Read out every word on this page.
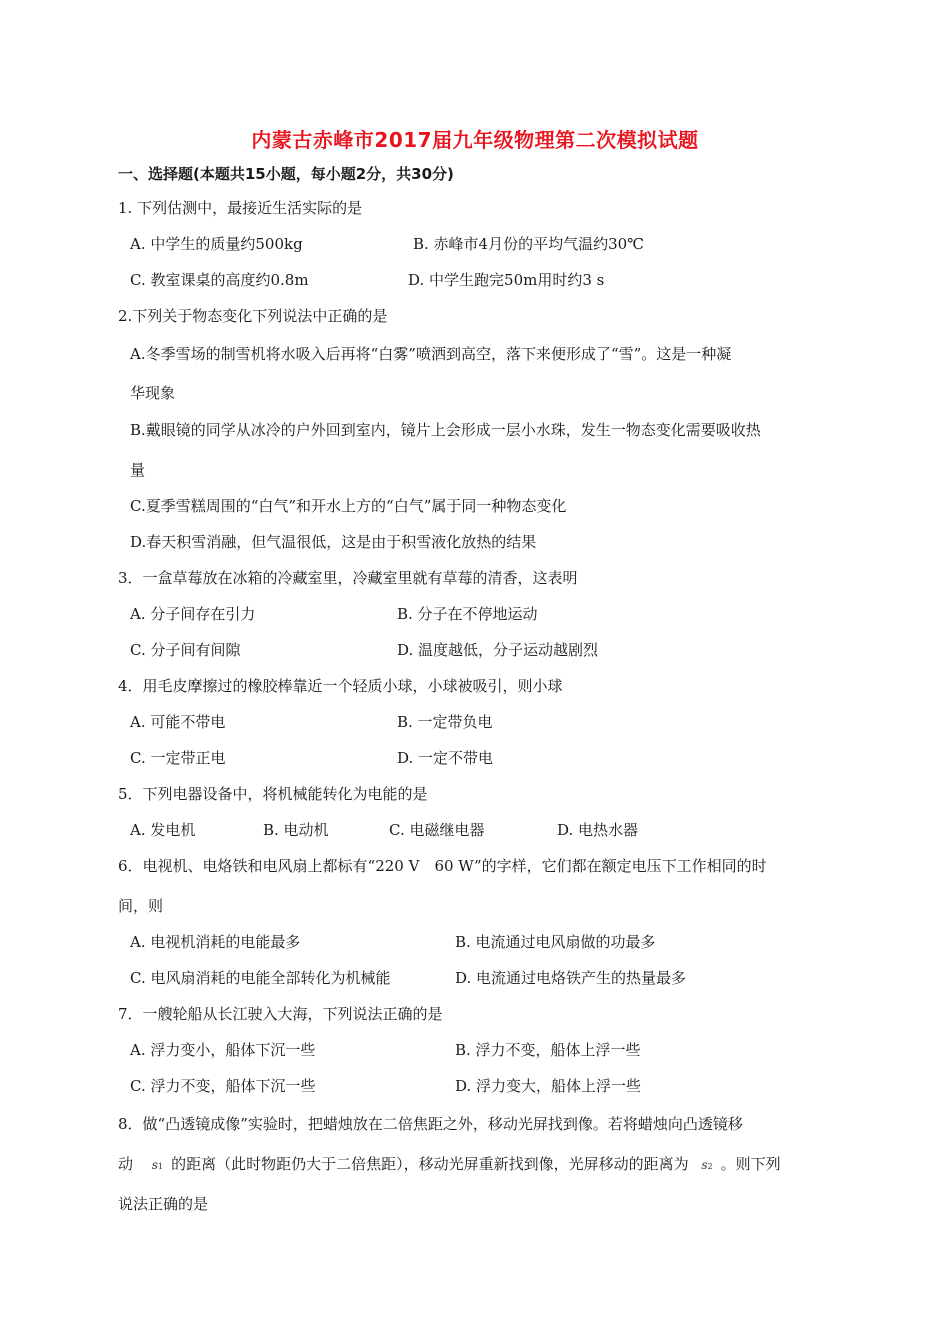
内蒙古赤峰市2017届九年级物理第二次模拟试题
一、选择题(本题共15小题，每小题2分，共30分)
1. 下列估测中，最接近生活实际的是
A. 中学生的质量约500kg	B. 赤峰市4月份的平均气温约30℃
C. 教室课桌的高度约0.8m	D. 中学生跑完50m用时约3 s
2.下列关于物态变化下列说法中正确的是
A.冬季雪场的制雪机将水吸入后再将“白雾”喷洒到高空，落下来便形成了“雪”。这是一种凝
华现象
B.戴眼镜的同学从冰冷的户外回到室内，镜片上会形成一层小水珠，发生一物态变化需要吸收热
量
C.夏季雪糕周围的“白气”和开水上方的“白气”属于同一种物态变化
D.春天积雪消融，但气温很低，这是由于积雪液化放热的结果
3．一盒草莓放在冰箱的冷藏室里，冷藏室里就有草莓的清香，这表明
A. 分子间存在引力	B. 分子在不停地运动
C. 分子间有间隙	D. 温度越低，分子运动越剧烈
4．用毛皮摩擦过的橡胶棒靠近一个轻质小球，小球被吸引，则小球
A. 可能不带电	B. 一定带负电
C. 一定带正电	D. 一定不带电
5．下列电器设备中，将机械能转化为电能的是
A. 发电机	B. 电动机	C. 电磁继电器	D. 电热水器
6．电视机、电烙铁和电风扇上都标有“220 V　60 W”的字样，它们都在额定电压下工作相同的时
间，则
A. 电视机消耗的电能最多	B. 电流通过电风扇做的功最多
C. 电风扇消耗的电能全部转化为机械能	D. 电流通过电烙铁产生的热量最多
7．一艘轮船从长江驶入大海，下列说法正确的是
A. 浮力变小，船体下沉一些	B. 浮力不变，船体上浮一些
C. 浮力不变，船体下沉一些	D. 浮力变大，船体上浮一些
8．做“凸透镜成像”实验时，把蜡烛放在二倍焦距之外，移动光屏找到像。若将蜡烛向凸透镜移
动 s1 的距离（此时物距仍大于二倍焦距），移动光屏重新找到像，光屏移动的距离为 s2 。则下列
说法正确的是
